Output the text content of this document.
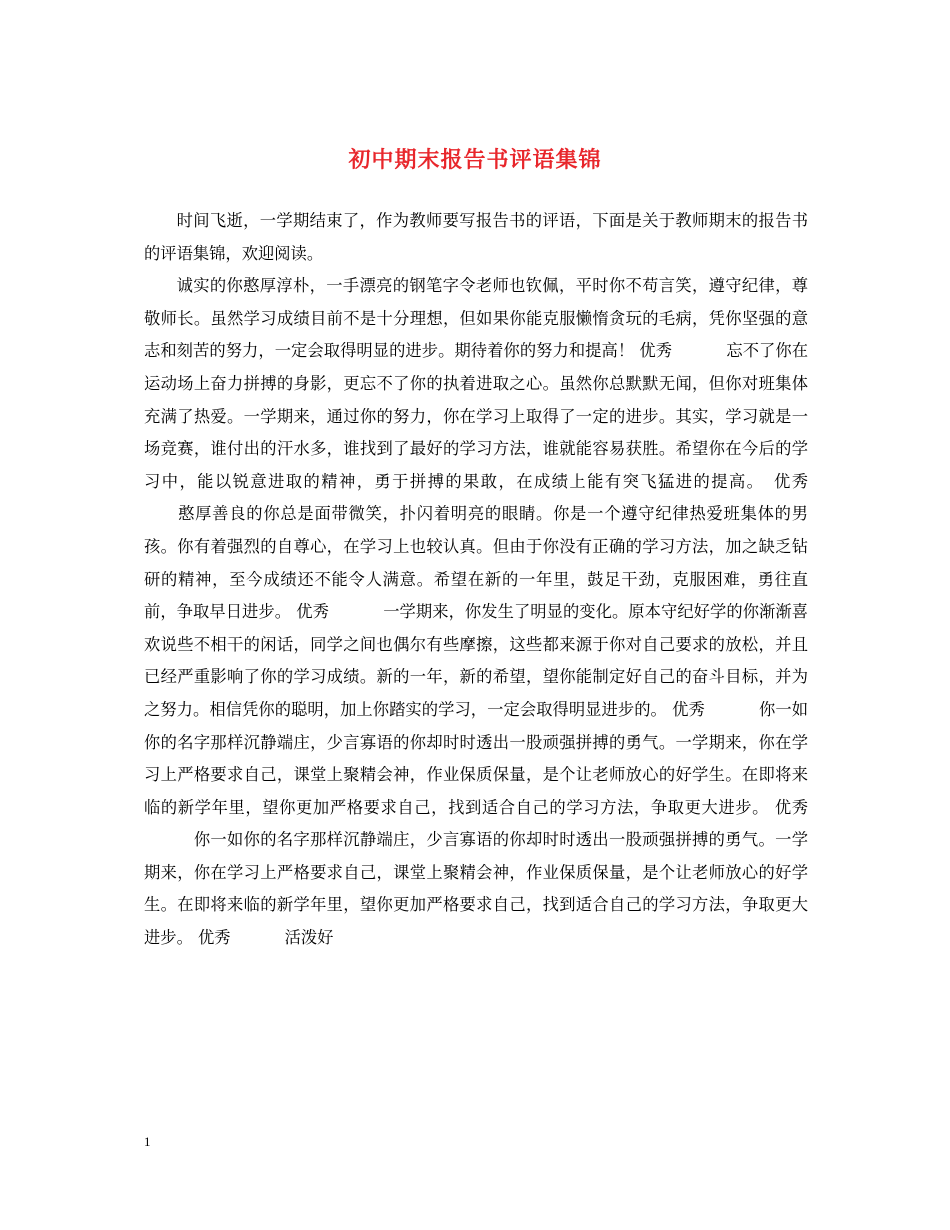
初中期末报告书评语集锦

时间飞逝，一学期结束了，作为教师要写报告书的评语，下面是关于教师期末的报告书的评语集锦，欢迎阅读。

诚实的你憨厚淳朴，一手漂亮的钢笔字令老师也钦佩，平时你不苟言笑，遵守纪律，尊敬师长。虽然学习成绩目前不是十分理想，但如果你能克服懒惰贪玩的毛病，凭你坚强的意志和刻苦的努力，一定会取得明显的进步。期待着你的努力和提高！ 优秀 　　　忘不了你在运动场上奋力拼搏的身影，更忘不了你的执着进取之心。虽然你总默默无闻，但你对班集体充满了热爱。一学期来，通过你的努力，你在学习上取得了一定的进步。其实，学习就是一场竞赛，谁付出的汗水多，谁找到了最好的学习方法，谁就能容易获胜。希望你在今后的学习中，能以锐意进取的精神，勇于拼搏的果敢，在成绩上能有突飞猛进的提高。　优秀 　　憨厚善良的你总是面带微笑，扑闪着明亮的眼睛。你是一个遵守纪律热爱班集体的男孩。你有着强烈的自尊心，在学习上也较认真。但由于你没有正确的学习方法，加之缺乏钻研的精神，至今成绩还不能令人满意。希望在新的一年里，鼓足干劲，克服困难，勇往直前，争取早日进步。 优秀 　　　一学期来，你发生了明显的变化。原本守纪好学的你渐渐喜欢说些不相干的闲话，同学之间也偶尔有些摩擦，这些都来源于你对自己要求的放松，并且已经严重影响了你的学习成绩。新的一年，新的希望，望你能制定好自己的奋斗目标，并为之努力。相信凭你的聪明，加上你踏实的学习，一定会取得明显进步的。 优秀 　　　你一如你的名字那样沉静端庄，少言寡语的你却时时透出一股顽强拼搏的勇气。一学期来，你在学习上严格要求自己，课堂上聚精会神，作业保质保量，是个让老师放心的好学生。在即将来临的新学年里，望你更加严格要求自己，找到适合自己的学习方法，争取更大进步。 优秀 　　　你一如你的名字那样沉静端庄，少言寡语的你却时时透出一股顽强拼搏的勇气。一学期来，你在学习上严格要求自己，课堂上聚精会神，作业保质保量，是个让老师放心的好学生。在即将来临的新学年里，望你更加严格要求自己，找到适合自己的学习方法，争取更大进步。 优秀 　　　活泼好

1
